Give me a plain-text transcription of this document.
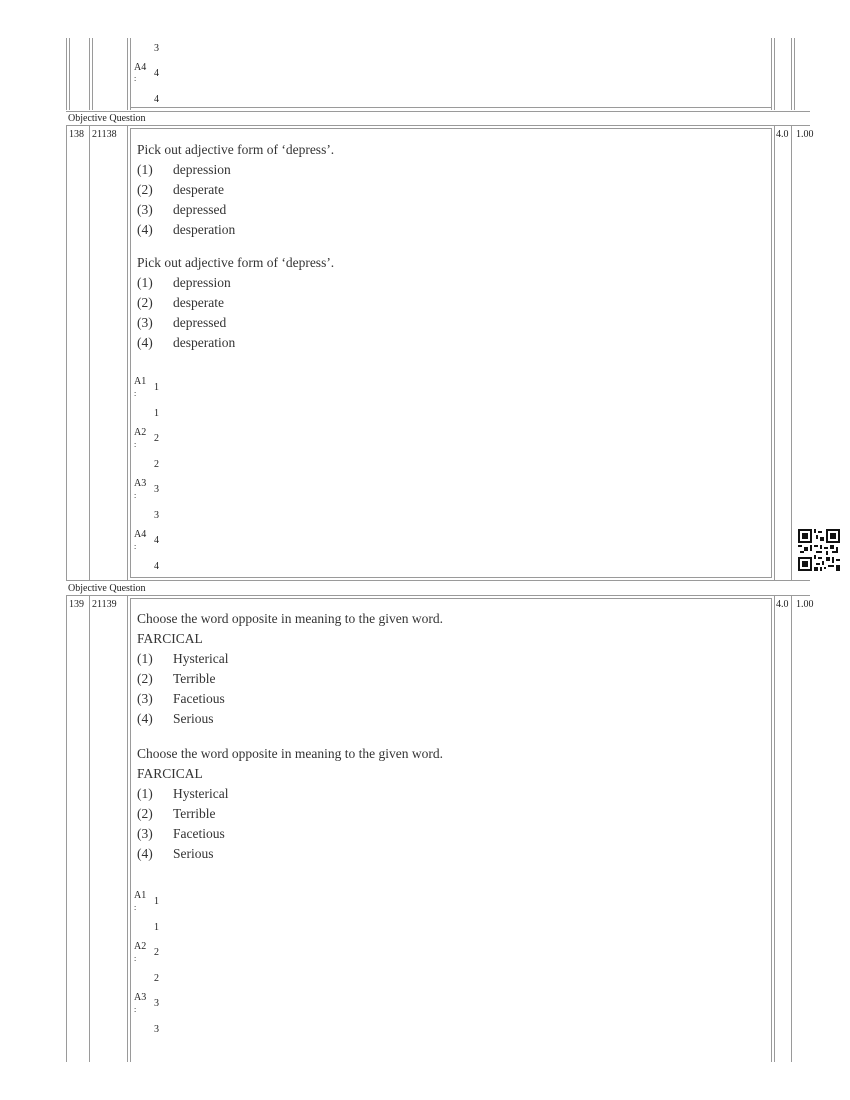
Objective Question
Objective Question
3
A4
: 4
4
138 21138	4.0 1.00
Pick out adjective form of ‘depress’.
(1) depression
(2) desperate
(3) depressed
(4) desperation
Pick out adjective form of ‘depress’.
(1) depression
(2) desperate
(3) depressed
(4) desperation
A1
:
1
1
A2
:
2
2
A3
:
3
3
A4
:
4
4
139 21139	4.0 1.00
Choose the word opposite in meaning to the given word.
FARCICAL
(1) Hysterical
(2) Terrible
(3) Facetious
(4) Serious
Choose the word opposite in meaning to the given word.
FARCICAL
(1) Hysterical
(2) Terrible
(3) Facetious
(4) Serious
A1
:
1
1
A2
:
2
2
A3
:
3
3
